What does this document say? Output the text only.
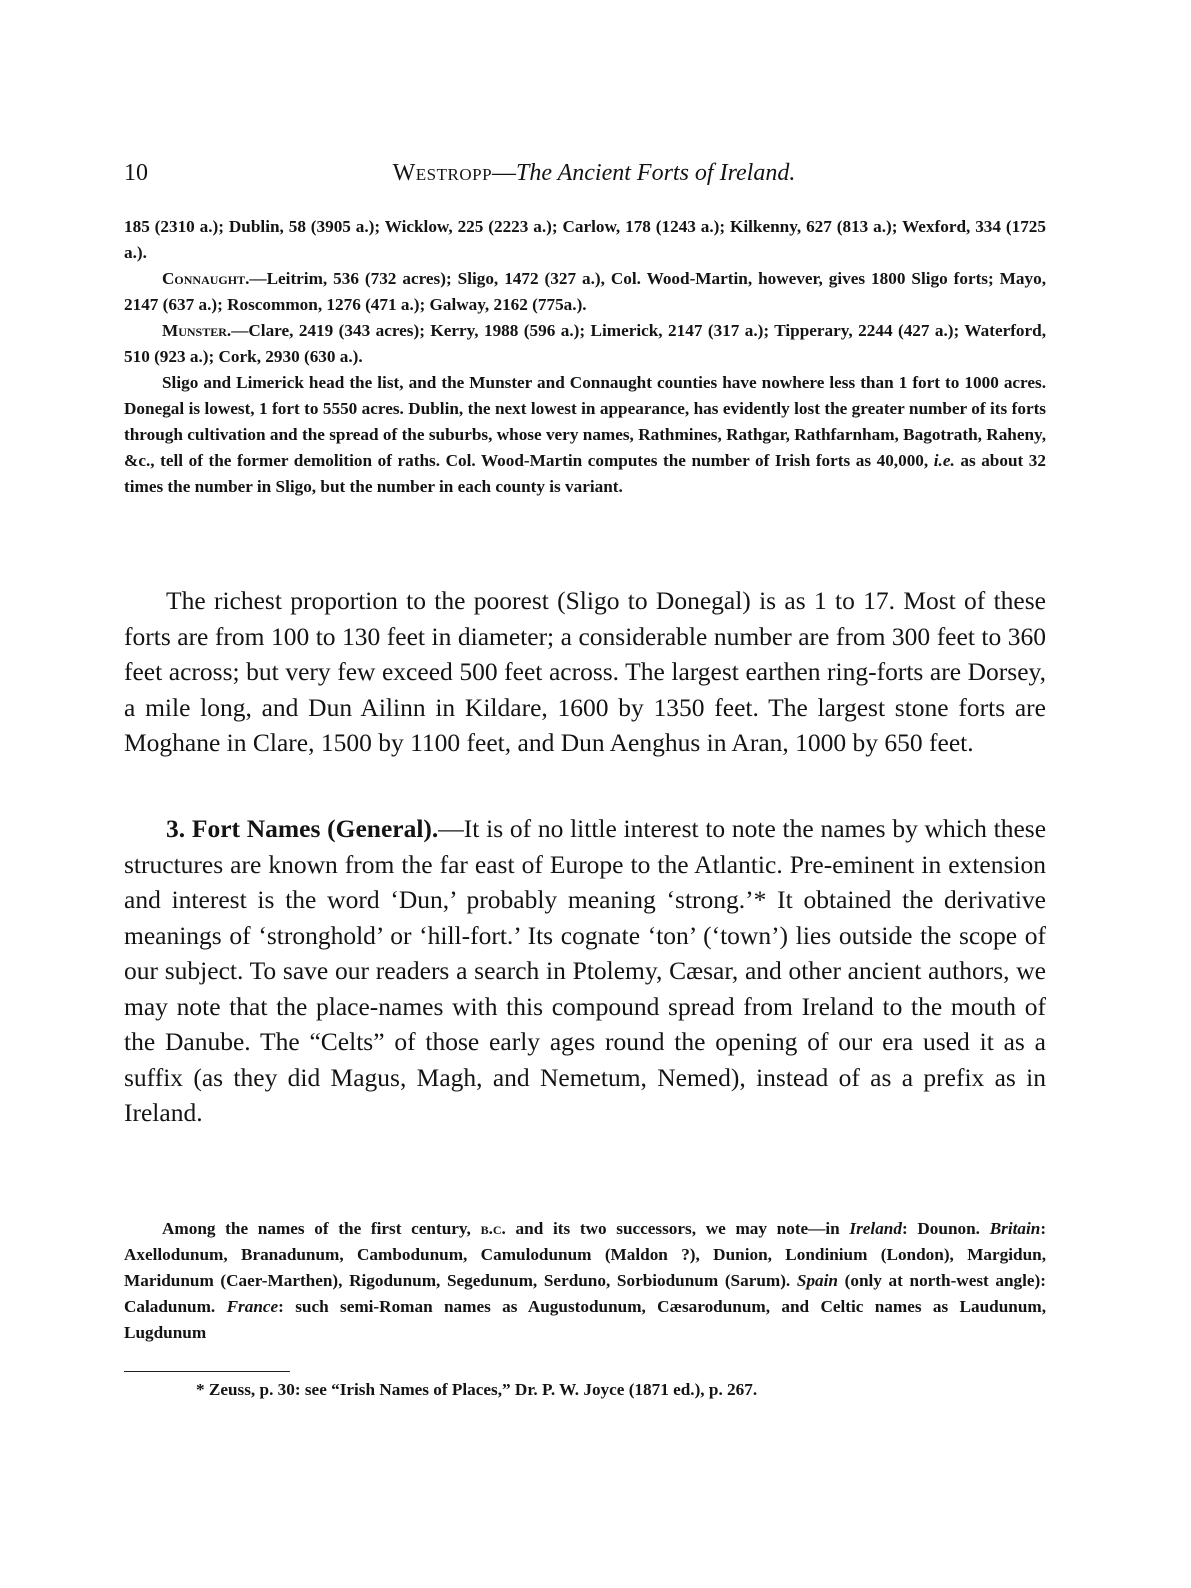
10	Westropp—The Ancient Forts of Ireland.

185 (2310 a.); Dublin, 58 (3905 a.); Wicklow, 225 (2223 a.); Carlow, 178 (1243 a.); Kilkenny, 627 (813 a.); Wexford, 334 (1725 a.).

Connaught.—Leitrim, 536 (732 acres); Sligo, 1472 (327 a.), Col. Wood-Martin, however, gives 1800 Sligo forts; Mayo, 2147 (637 a.); Roscommon, 1276 (471 a.); Galway, 2162 (775a.).

Munster.—Clare, 2419 (343 acres); Kerry, 1988 (596 a.); Limerick, 2147 (317 a.); Tipperary, 2244 (427 a.); Waterford, 510 (923 a.); Cork, 2930 (630 a.).

Sligo and Limerick head the list, and the Munster and Connaught counties have nowhere less than 1 fort to 1000 acres. Donegal is lowest, 1 fort to 5550 acres. Dublin, the next lowest in appearance, has evidently lost the greater number of its forts through cultivation and the spread of the suburbs, whose very names, Rathmines, Rathgar, Rathfarnham, Bagotrath, Raheny, &c., tell of the former demolition of raths. Col. Wood-Martin computes the number of Irish forts as 40,000, i.e. as about 32 times the number in Sligo, but the number in each county is variant.

The richest proportion to the poorest (Sligo to Donegal) is as 1 to 17. Most of these forts are from 100 to 130 feet in diameter; a considerable number are from 300 feet to 360 feet across; but very few exceed 500 feet across. The largest earthen ring-forts are Dorsey, a mile long, and Dun Ailinn in Kildare, 1600 by 1350 feet. The largest stone forts are Moghane in Clare, 1500 by 1100 feet, and Dun Aenghus in Aran, 1000 by 650 feet.

3. Fort Names (General).—It is of no little interest to note the names by which these structures are known from the far east of Europe to the Atlantic. Pre-eminent in extension and interest is the word ‘Dun,’ probably meaning ‘strong.’* It obtained the derivative meanings of ‘stronghold’ or ‘hill-fort.’ Its cognate ‘ton’ (‘town’) lies outside the scope of our subject. To save our readers a search in Ptolemy, Cæsar, and other ancient authors, we may note that the place-names with this compound spread from Ireland to the mouth of the Danube. The “Celts” of those early ages round the opening of our era used it as a suffix (as they did Magus, Magh, and Nemetum, Nemed), instead of as a prefix as in Ireland.

Among the names of the first century, b.c. and its two successors, we may note—in Ireland: Dounon. Britain: Axellodunum, Branadunum, Cambodunum, Camulodunum (Maldon ?), Dunion, Londinium (London), Margidun, Maridunum (Caer-Marthen), Rigodunum, Segedunum, Serduno, Sorbiodunum (Sarum). Spain (only at north-west angle): Caladunum. France: such semi-Roman names as Augustodunum, Cæsarodunum, and Celtic names as Laudunum, Lugdunum

* Zeuss, p. 30: see “Irish Names of Places,” Dr. P. W. Joyce (1871 ed.), p. 267.
